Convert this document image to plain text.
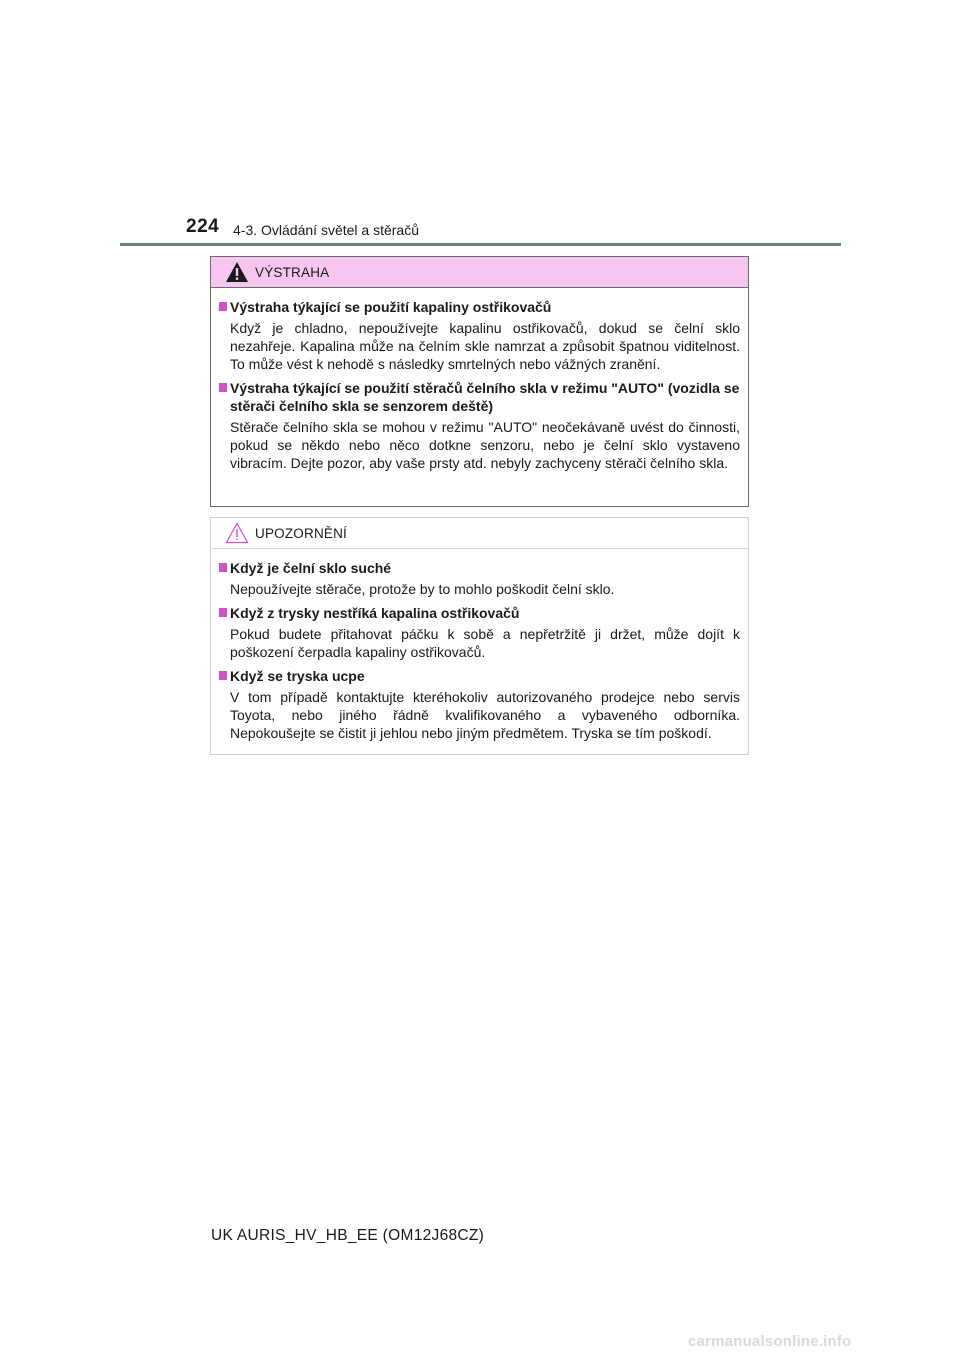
224 4-3. Ovládání světel a stěračů
VÝSTRAHA
Výstraha týkající se použití kapaliny ostřikovačů
Když je chladno, nepoužívejte kapalinu ostřikovačů, dokud se čelní sklo nezahřeje. Kapalina může na čelním skle namrzat a způsobit špatnou viditelnost. To může vést k nehodě s následky smrtelných nebo vážných zranění.
Výstraha týkající se použití stěračů čelního skla v režimu "AUTO" (vozidla se stěrači čelního skla se senzorem deště)
Stěrače čelního skla se mohou v režimu "AUTO" neočekávaně uvést do činnosti, pokud se někdo nebo něco dotkne senzoru, nebo je čelní sklo vystaveno vibracím. Dejte pozor, aby vaše prsty atd. nebyly zachyceny stěrači čelního skla.
UPOZORNĚNÍ
Když je čelní sklo suché
Nepoužívejte stěrače, protože by to mohlo poškodit čelní sklo.
Když z trysky nestříká kapalina ostřikovačů
Pokud budete přitahovat páčku k sobě a nepřetržitě ji držet, může dojít k poškození čerpadla kapaliny ostřikovačů.
Když se tryska ucpe
V tom případě kontaktujte kteréhokoliv autorizovaného prodejce nebo servis Toyota, nebo jiného řádně kvalifikovaného a vybaveného odborníka. Nepokoušejte se čistit ji jehlou nebo jiným předmětem. Tryska se tím poškodí.
UK AURIS_HV_HB_EE (OM12J68CZ)
carmanualsonline.info
